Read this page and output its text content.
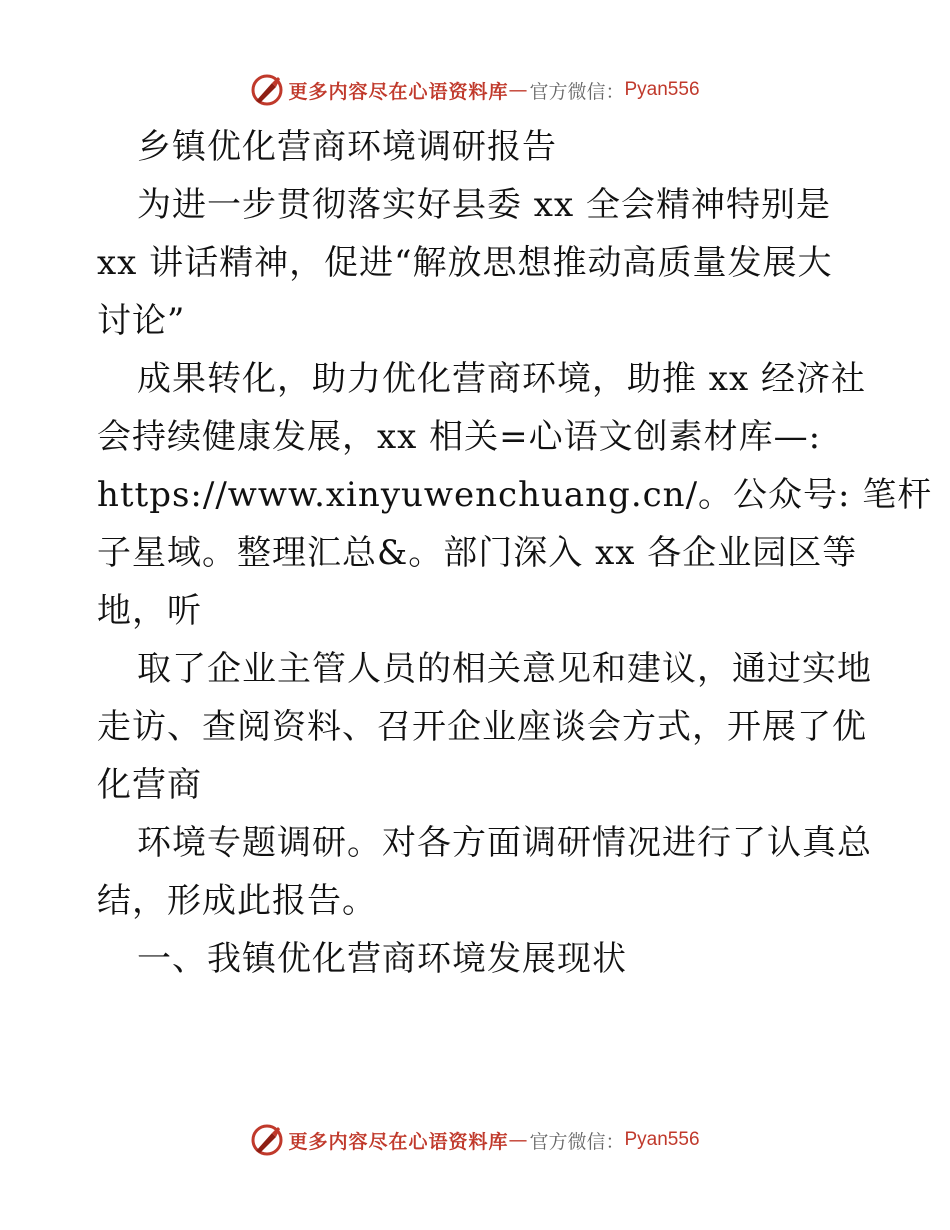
更多内容尽在心语资料库 — 官方微信： Pyan556
乡镇优化营商环境调研报告
为进一步贯彻落实好县委 xx 全会精神特别是
xx 讲话精神，促进“解放思想推动高质量发展大
讨论”
成果转化，助力优化营商环境，助推 xx 经济社
会持续健康发展，xx 相关=心语文创素材库—:
https://www.xinyuwenchuang.cn/。公众号: 笔杆
子星域。整理汇总&。部门深入 xx 各企业园区等
地，听
取了企业主管人员的相关意见和建议，通过实地
走访、查阅资料、召开企业座谈会方式，开展了优
化营商
环境专题调研。对各方面调研情况进行了认真总
结，形成此报告。
一、我镇优化营商环境发展现状
更多内容尽在心语资料库 — 官方微信： Pyan556
